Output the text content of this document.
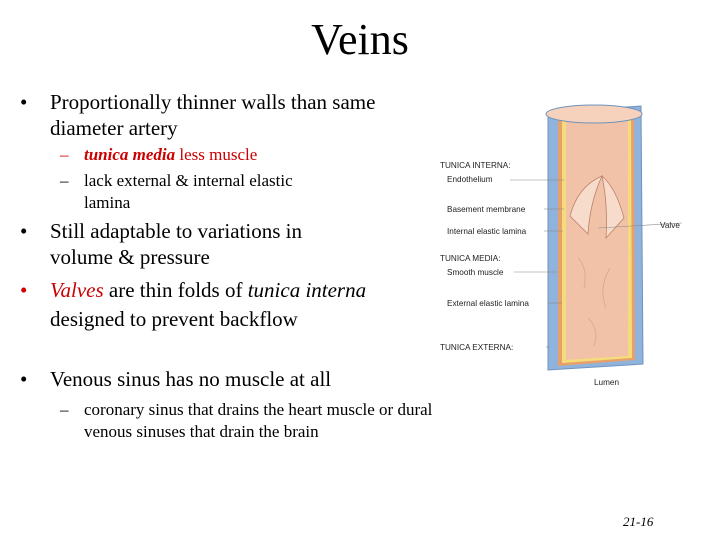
Veins
• Proportionally thinner walls than same diameter artery
– tunica media less muscle
– lack external & internal elastic lamina
• Still adaptable to variations in volume & pressure
• Valves are thin folds of tunica interna designed to prevent backflow
• Venous sinus has no muscle at all
– coronary sinus that drains the heart muscle or dural venous sinuses that drain the brain
TUNICA INTERNA:
Endothelium
Basement membrane
Internal elastic lamina
Valve
TUNICA MEDIA:
Smooth muscle
External elastic lamina
TUNICA EXTERNA:
Lumen
21-16
